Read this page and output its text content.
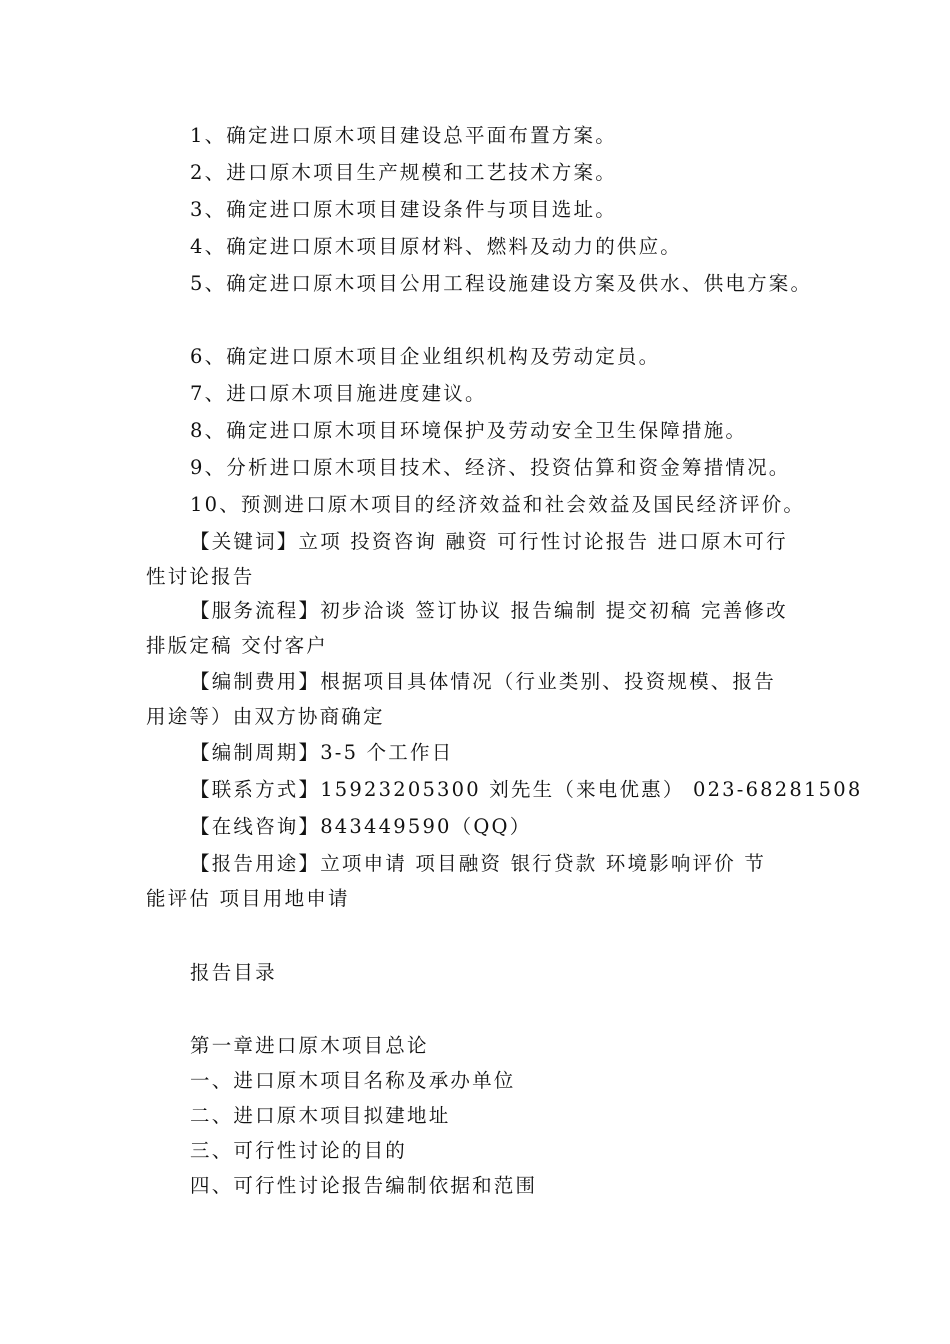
1、确定进口原木项目建设总平面布置方案。
2、进口原木项目生产规模和工艺技术方案。
3、确定进口原木项目建设条件与项目选址。
4、确定进口原木项目原材料、燃料及动力的供应。
5、确定进口原木项目公用工程设施建设方案及供水、供电方案。
6、确定进口原木项目企业组织机构及劳动定员。
7、进口原木项目施进度建议。
8、确定进口原木项目环境保护及劳动安全卫生保障措施。
9、分析进口原木项目技术、经济、投资估算和资金筹措情况。
10、预测进口原木项目的经济效益和社会效益及国民经济评价。
【关键词】立项 投资咨询 融资 可行性讨论报告 进口原木可行
性讨论报告
【服务流程】初步洽谈 签订协议 报告编制 提交初稿 完善修改
排版定稿 交付客户
【编制费用】根据项目具体情况（行业类别、投资规模、报告
用途等）由双方协商确定
【编制周期】3-5 个工作日
【联系方式】15923205300 刘先生（来电优惠） 023-68281508
【在线咨询】843449590（QQ）
【报告用途】立项申请 项目融资 银行贷款 环境影响评价 节
能评估 项目用地申请
报告目录
第一章进口原木项目总论
一、进口原木项目名称及承办单位
二、进口原木项目拟建地址
三、可行性讨论的目的
四、可行性讨论报告编制依据和范围
